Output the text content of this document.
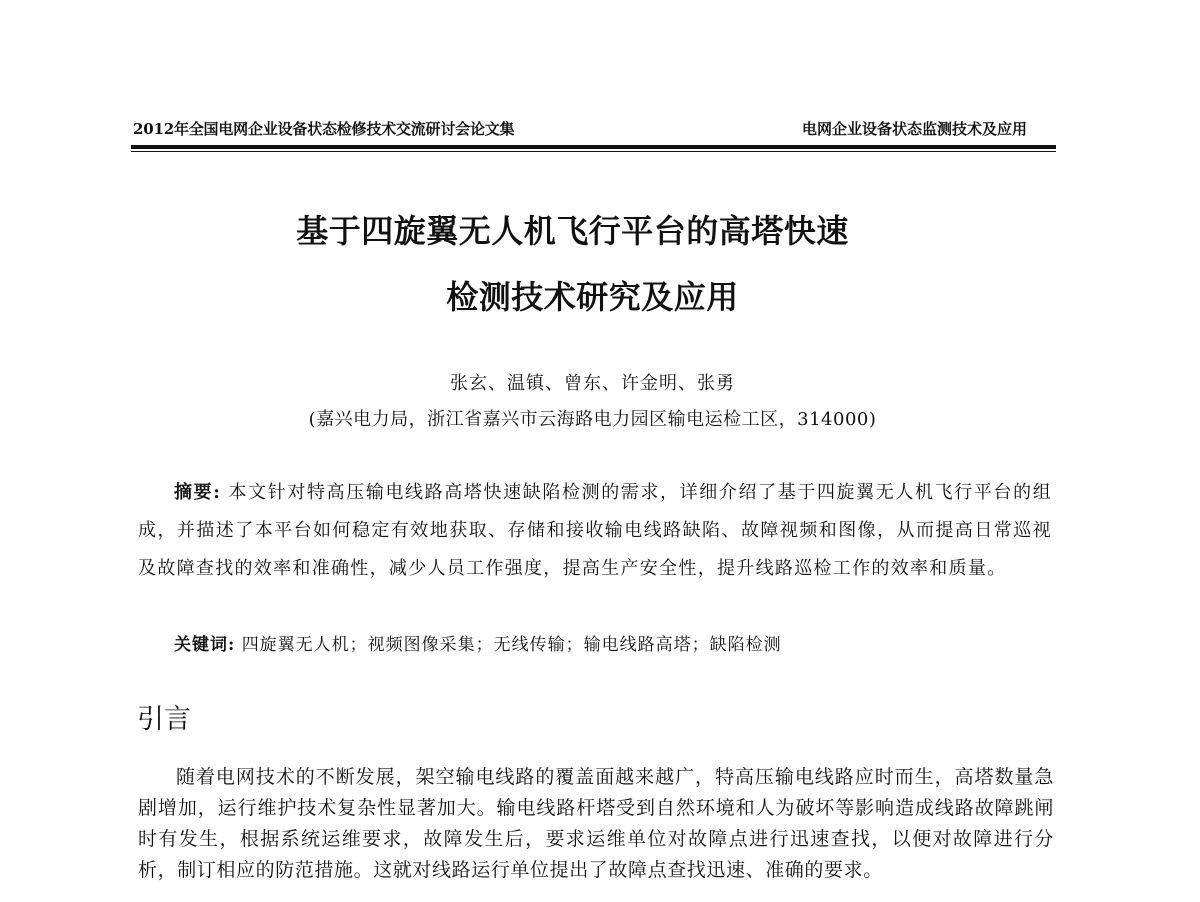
2012年全国电网企业设备状态检修技术交流研讨会论文集	电网企业设备状态监测技术及应用
基于四旋翼无人机飞行平台的高塔快速
检测技术研究及应用
张玄、温镇、曾东、许金明、张勇
(嘉兴电力局，浙江省嘉兴市云海路电力园区输电运检工区，314000)
摘要: 本文针对特高压输电线路高塔快速缺陷检测的需求，详细介绍了基于四旋翼无人机飞行平台的组成，并描述了本平台如何稳定有效地获取、存储和接收输电线路缺陷、故障视频和图像，从而提高日常巡视及故障查找的效率和准确性，减少人员工作强度，提高生产安全性，提升线路巡检工作的效率和质量。
关键词: 四旋翼无人机；视频图像采集；无线传输；输电线路高塔；缺陷检测
引言
随着电网技术的不断发展，架空输电线路的覆盖面越来越广，特高压输电线路应时而生，高塔数量急剧增加，运行维护技术复杂性显著加大。输电线路杆塔受到自然环境和人为破坏等影响造成线路故障跳闸时有发生，根据系统运维要求，故障发生后，要求运维单位对故障点进行迅速查找，以便对故障进行分析，制订相应的防范措施。这就对线路运行单位提出了故障点查找迅速、准确的要求。
